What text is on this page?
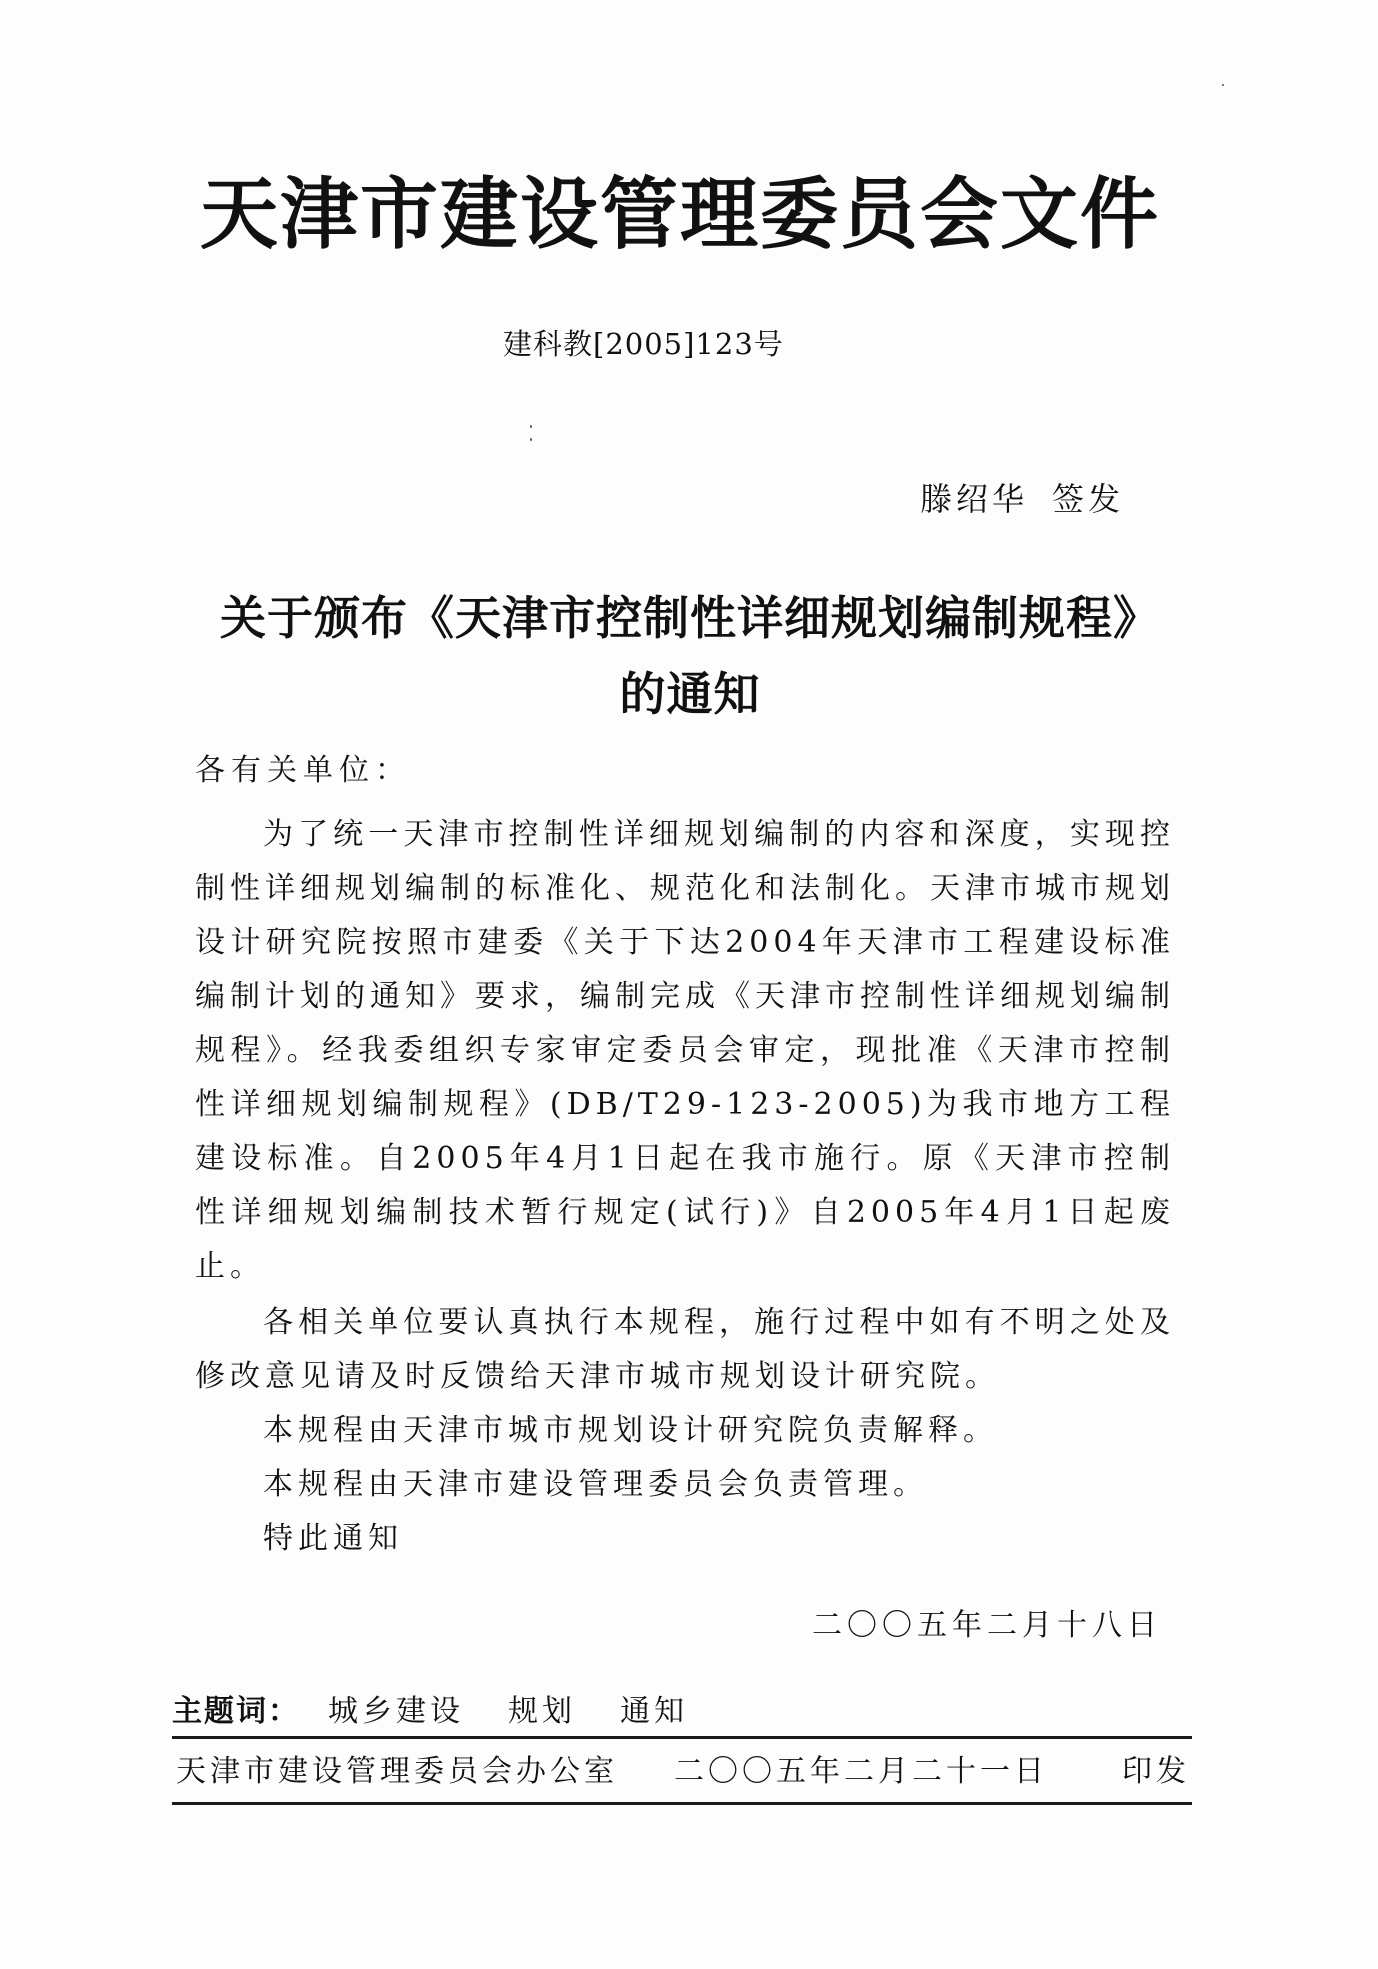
天津市建设管理委员会文件
建科教[2005]123号
滕绍华 签发
关于颁布《天津市控制性详细规划编制规程》
的通知
各有关单位：
为了统一天津市控制性详细规划编制的内容和深度，实现控制性详细规划编制的标准化、规范化和法制化。天津市城市规划设计研究院按照市建委《关于下达2004年天津市工程建设标准编制计划的通知》要求，编制完成《天津市控制性详细规划编制规程》。经我委组织专家审定委员会审定，现批准《天津市控制性详细规划编制规程》(DB/T29-123-2005)为我市地方工程建设标准。自2005年4月1日起在我市施行。原《天津市控制性详细规划编制技术暂行规定(试行)》自2005年4月1日起废止。
各相关单位要认真执行本规程，施行过程中如有不明之处及修改意见请及时反馈给天津市城市规划设计研究院。
本规程由天津市城市规划设计研究院负责解释。
本规程由天津市建设管理委员会负责管理。
特此通知
二〇〇五年二月十八日
主题词： 城乡建设 规划 通知
天津市建设管理委员会办公室 二〇〇五年二月二十一日 印发
